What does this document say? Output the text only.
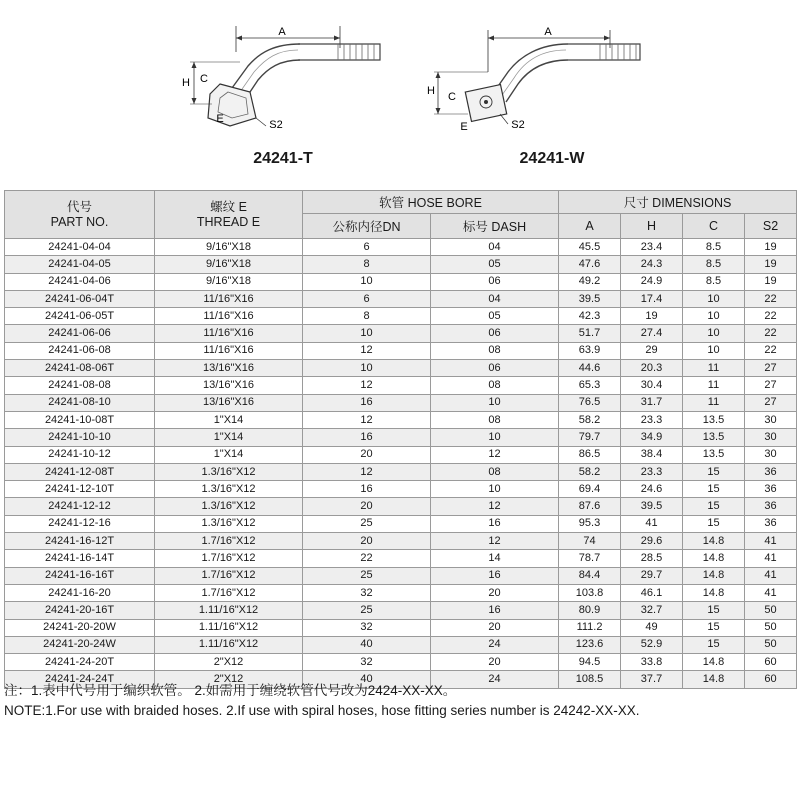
A
H C
E	S2
24241-T
A
H C
E	S2
24241-W
代号
PART NO.	螺纹 E
THREAD E	软管 HOSE BORE		尺寸 DIMENSIONS			
		公称内径DN	标号 DASH	A	H	C	S2
24241-04-04	9/16"X18	6	04	45.5	23.4	8.5	19
24241-04-05	9/16"X18	8	05	47.6	24.3	8.5	19
24241-04-06	9/16"X18	10	06	49.2	24.9	8.5	19
24241-06-04T	11/16"X16	6	04	39.5	17.4	10	22
24241-06-05T	11/16"X16	8	05	42.3	19	10	22
24241-06-06	11/16"X16	10	06	51.7	27.4	10	22
24241-06-08	11/16"X16	12	08	63.9	29	10	22
24241-08-06T	13/16"X16	10	06	44.6	20.3	11	27
24241-08-08	13/16"X16	12	08	65.3	30.4	11	27
24241-08-10	13/16"X16	16	10	76.5	31.7	11	27
24241-10-08T	1"X14	12	08	58.2	23.3	13.5	30
24241-10-10	1"X14	16	10	79.7	34.9	13.5	30
24241-10-12	1"X14	20	12	86.5	38.4	13.5	30
24241-12-08T	1.3/16"X12	12	08	58.2	23.3	15	36
24241-12-10T	1.3/16"X12	16	10	69.4	24.6	15	36
24241-12-12	1.3/16"X12	20	12	87.6	39.5	15	36
24241-12-16	1.3/16"X12	25	16	95.3	41	15	36
24241-16-12T	1.7/16"X12	20	12	74	29.6	14.8	41
24241-16-14T	1.7/16"X12	22	14	78.7	28.5	14.8	41
24241-16-16T	1.7/16"X12	25	16	84.4	29.7	14.8	41
24241-16-20	1.7/16"X12	32	20	103.8	46.1	14.8	41
24241-20-16T	1.11/16"X12	25	16	80.9	32.7	15	50
24241-20-20W	1.11/16"X12	32	20	111.2	49	15	50
24241-20-24W	1.11/16"X12	40	24	123.6	52.9	15	50
24241-24-20T	2"X12	32	20	94.5	33.8	14.8	60
24241-24-24T	2"X12	40	24	108.5	37.7	14.8	60

注：1.表中代号用于编织软管。 2.如需用于缠绕软管代号改为2424-XX-XX。

NOTE:1.For use with braided hoses. 2.If use with spiral hoses, hose fitting series number is 24242-XX-XX.
